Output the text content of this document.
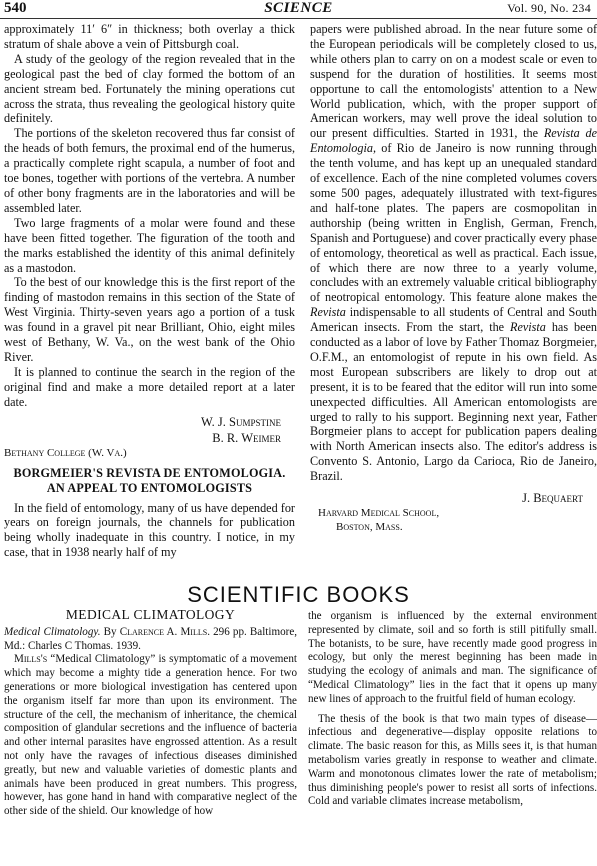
540	SCIENCE	Vol. 90, No. 234

approximately 11′ 6″ in thickness; both overlay a thick stratum of shale above a vein of Pittsburgh coal.

A study of the geology of the region revealed that in the geological past the bed of clay formed the bottom of an ancient stream bed. Fortunately the mining operations cut across the strata, thus revealing the geological history quite definitely.

The portions of the skeleton recovered thus far consist of the heads of both femurs, the proximal end of the humerus, a practically complete right scapula, a number of foot and toe bones, together with portions of the vertebra. A number of other bony fragments are in the laboratories and will be assembled later.

Two large fragments of a molar were found and these have been fitted together. The figuration of the tooth and the marks established the identity of this animal definitely as a mastodon.

To the best of our knowledge this is the first report of the finding of mastodon remains in this section of the State of West Virginia. Thirty-seven years ago a portion of a tusk was found in a gravel pit near Brilliant, Ohio, eight miles west of Bethany, W. Va., on the west bank of the Ohio River.

It is planned to continue the search in the region of the original find and make a more detailed report at a later date.

W. J. Sumpstine
B. R. Weimer
Bethany College (W. Va.)
BORGMEIER'S REVISTA DE ENTOMOLOGIA.
AN APPEAL TO ENTOMOLOGISTS

In the field of entomology, many of us have depended for years on foreign journals, the channels for publication being wholly inadequate in this country. I notice, in my case, that in 1938 nearly half of my

papers were published abroad. In the near future some of the European periodicals will be completely closed to us, while others plan to carry on on a modest scale or even to suspend for the duration of hostilities. It seems most opportune to call the entomologists' attention to a New World publication, which, with the proper support of American workers, may well prove the ideal solution to our present difficulties. Started in 1931, the Revista de Entomologia, of Rio de Janeiro is now running through the tenth volume, and has kept up an unequaled standard of excellence. Each of the nine completed volumes covers some 500 pages, adequately illustrated with text-figures and half-tone plates. The papers are cosmopolitan in authorship (being written in English, German, French, Spanish and Portuguese) and cover practically every phase of entomology, theoretical as well as practical. Each issue, of which there are now three to a yearly volume, concludes with an extremely valuable critical bibliography of neotropical entomology. This feature alone makes the Revista indispensable to all students of Central and South American insects. From the start, the Revista has been conducted as a labor of love by Father Thomaz Borgmeier, O.F.M., an entomologist of repute in his own field. As most European subscribers are likely to drop out at present, it is to be feared that the editor will run into some unexpected difficulties. All American entomologists are urged to rally to his support. Beginning next year, Father Borgmeier plans to accept for publication papers dealing with North American insects also. The editor's address is Convento S. Antonio, Largo da Carioca, Rio de Janeiro, Brazil.

J. Bequaert
Harvard Medical School,
Boston, Mass.
SCIENTIFIC BOOKS
MEDICAL CLIMATOLOGY

Medical Climatology. By Clarence A. Mills. 296 pp. Baltimore, Md.: Charles C Thomas. 1939.

Mills's “Medical Climatology” is symptomatic of a movement which may become a mighty tide a generation hence. For two generations or more biological investigation has centered upon the organism itself far more than upon its environment. The structure of the cell, the mechanism of inheritance, the chemical composition of glandular secretions and the influence of bacteria and other internal parasites have engrossed attention. As a result not only have the ravages of infectious diseases diminished greatly, but new and valuable varieties of domestic plants and animals have been produced in great numbers. This progress, however, has gone hand in hand with comparative neglect of the other side of the shield. Our knowledge of how

the organism is influenced by the external environment represented by climate, soil and so forth is still pitifully small. The botanists, to be sure, have recently made good progress in ecology, but only the merest beginning has been made in studying the ecology of animals and man. The significance of “Medical Climatology” lies in the fact that it opens up many new lines of approach to the fruitful field of human ecology.

The thesis of the book is that two main types of disease—infectious and degenerative—display opposite relations to climate. The basic reason for this, as Mills sees it, is that human metabolism varies greatly in response to weather and climate. Warm and monotonous climates lower the rate of metabolism; thus diminishing people's power to resist all sorts of infections. Cold and variable climates increase metabolism,
